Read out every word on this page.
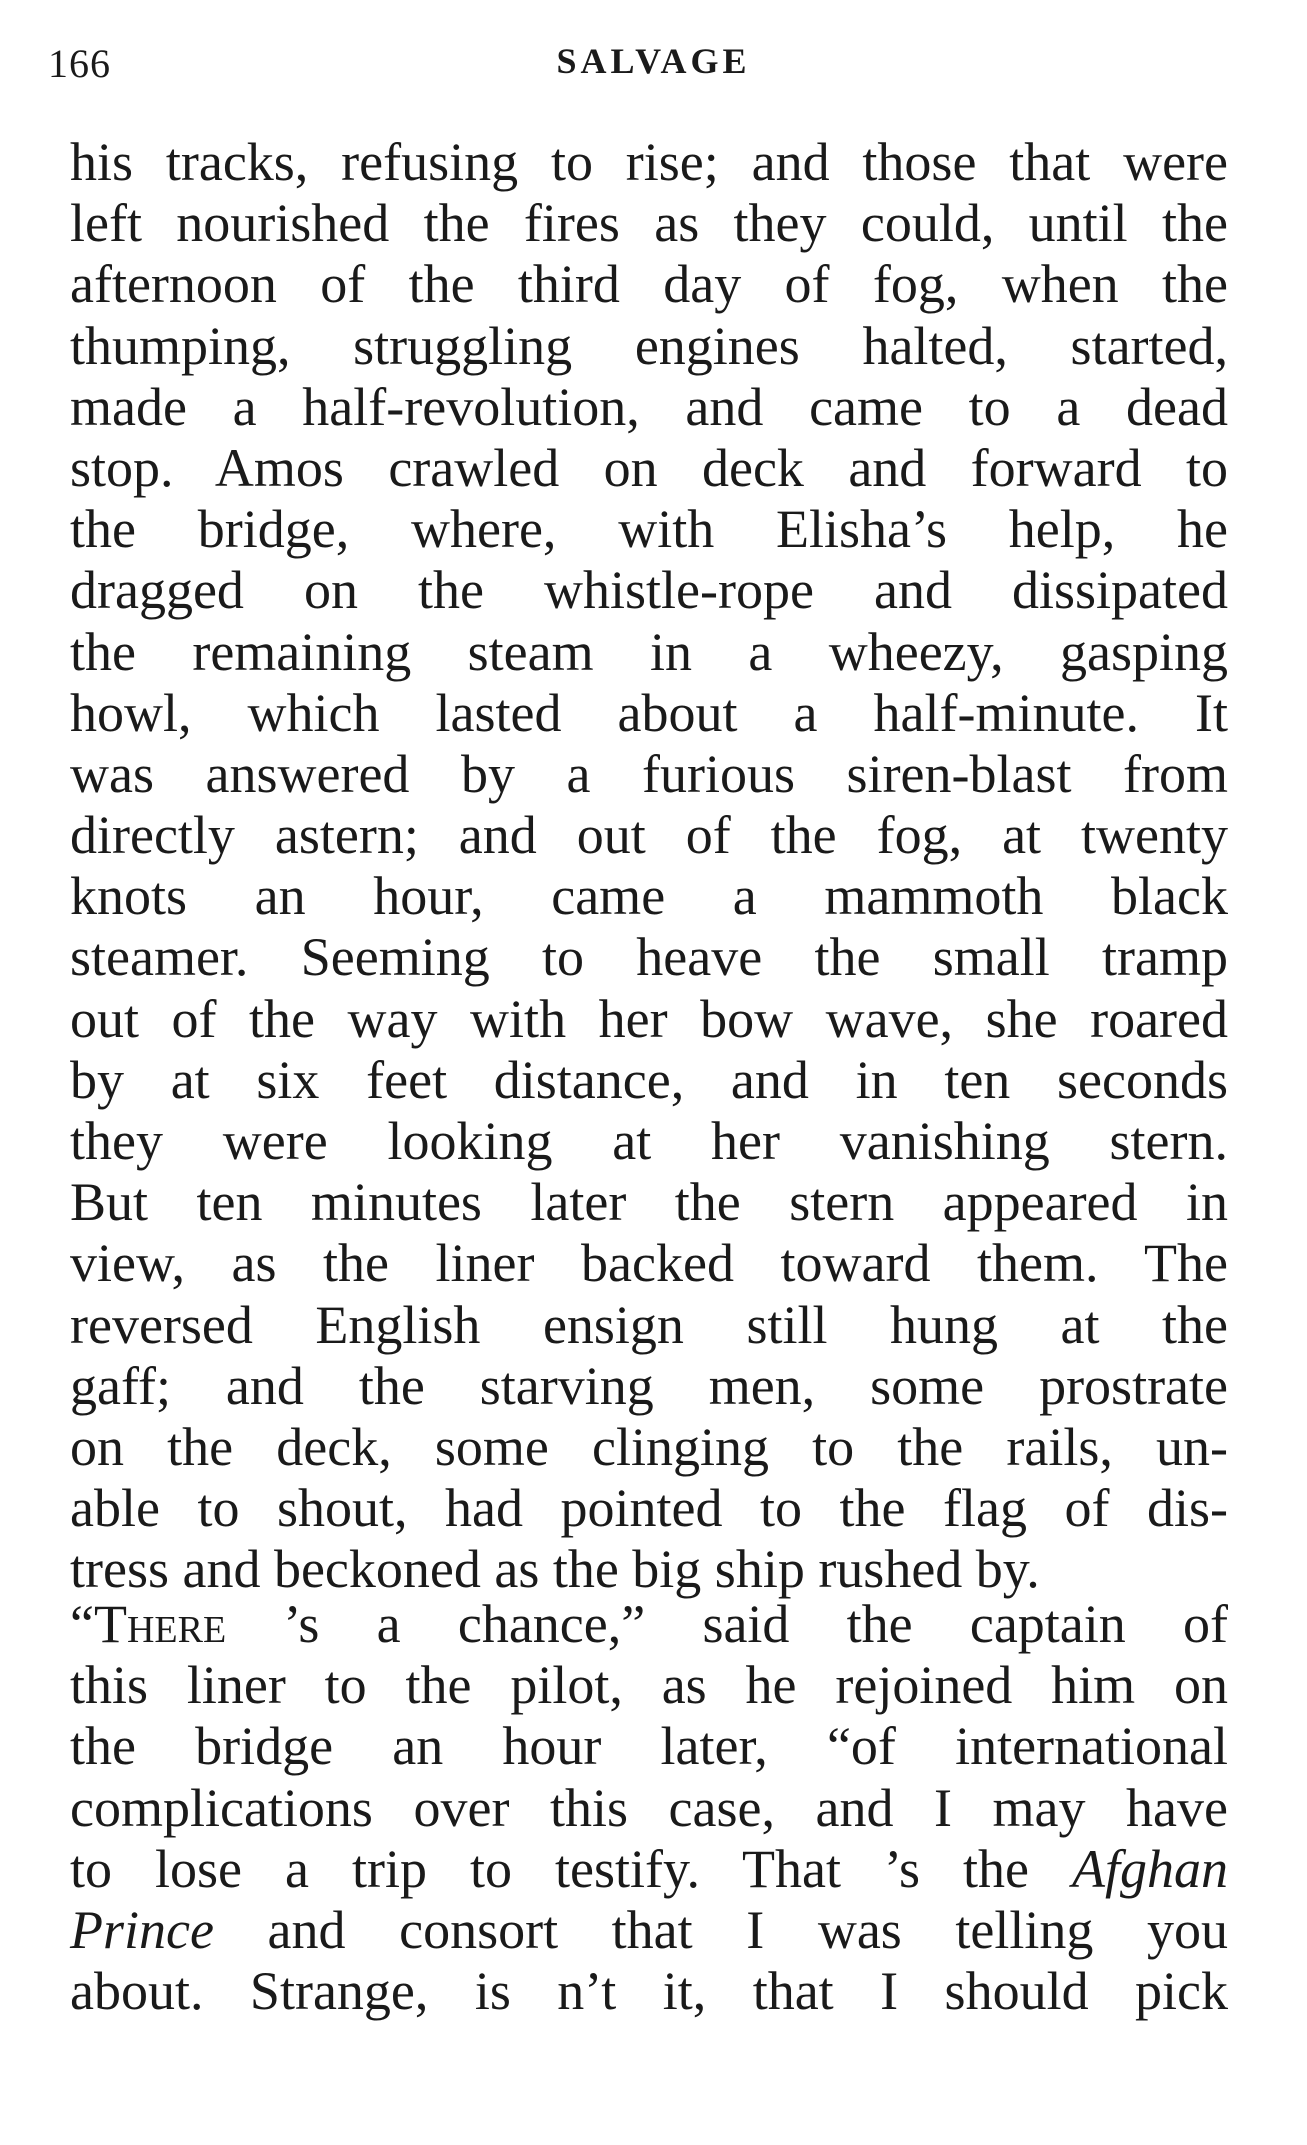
166	SALVAGE
his tracks, refusing to rise; and those that were
left nourished the fires as they could, until the
afternoon of the third day of fog, when the
thumping, struggling engines halted, started,
made a half-revolution, and came to a dead
stop. Amos crawled on deck and forward to
the bridge, where, with Elisha’s help, he
dragged on the whistle-rope and dissipated
the remaining steam in a wheezy, gasping
howl, which lasted about a half-minute. It
was answered by a furious siren-blast from
directly astern; and out of the fog, at twenty
knots an hour, came a mammoth black
steamer. Seeming to heave the small tramp
out of the way with her bow wave, she roared
by at six feet distance, and in ten seconds
they were looking at her vanishing stern.
But ten minutes later the stern appeared in
view, as the liner backed toward them. The
reversed English ensign still hung at the
gaff; and the starving men, some prostrate
on the deck, some clinging to the rails, un-
able to shout, had pointed to the flag of dis-
tress and beckoned as the big ship rushed by.
“There ’s a chance,” said the captain of
this liner to the pilot, as he rejoined him on
the bridge an hour later, “of international
complications over this case, and I may have
to lose a trip to testify. That ’s the Afghan
Prince and consort that I was telling you
about. Strange, is n’t it, that I should pick
